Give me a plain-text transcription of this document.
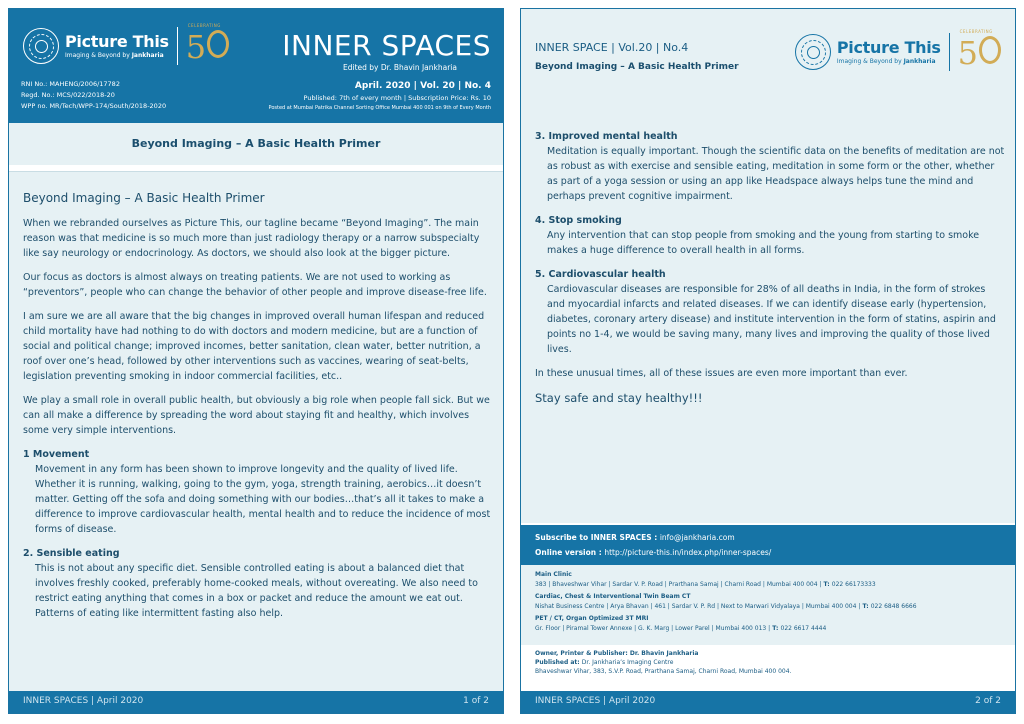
Picture This
Imaging & Beyond by Jankharia
CELEBRATING
5	INNER SPACES
Edited by Dr. Bhavin Jankharia
RNI No.: MAHENG/2006/17782
Regd. No.: MCS/022/2018-20
WPP no. MR/Tech/WPP-174/South/2018-2020
April. 2020 | Vol. 20 | No. 4
Published: 7th of every month | Subscription Price: Rs. 10
Posted at Mumbai Patrika Channel Sorting Office Mumbai 400 001 on 9th of Every Month
Beyond Imaging – A Basic Health Primer
Beyond Imaging – A Basic Health Primer

When we rebranded ourselves as Picture This, our tagline became “Beyond Imaging”. The main reason was that medicine is so much more than just radiology therapy or a narrow subspecialty like say neurology or endocrinology. As doctors, we should also look at the bigger picture.

Our focus as doctors is almost always on treating patients. We are not used to working as “preventors”, people who can change the behavior of other people and improve disease-free life.

I am sure we are all aware that the big changes in improved overall human lifespan and reduced child mortality have had nothing to do with doctors and modern medicine, but are a function of social and political change; improved incomes, better sanitation, clean water, better nutrition, a roof over one’s head, followed by other interventions such as vaccines, wearing of seat-belts, legislation preventing smoking in indoor commercial facilities, etc..

We play a small role in overall public health, but obviously a big role when people fall sick. But we can all make a difference by spreading the word about staying fit and healthy, which involves some very simple interventions.

1 Movement
Movement in any form has been shown to improve longevity and the quality of lived life. Whether it is running, walking, going to the gym, yoga, strength training, aerobics…it doesn’t matter. Getting off the sofa and doing something with our bodies…that’s all it takes to make a difference to improve cardiovascular health, mental health and to reduce the incidence of most forms of disease.
2. Sensible eating
This is not about any specific diet. Sensible controlled eating is about a balanced diet that involves freshly cooked, preferably home-cooked meals, without overeating. We also need to restrict eating anything that comes in a box or packet and reduce the amount we eat out. Patterns of eating like intermittent fasting also help.
INNER SPACES | April 2020	1 of 2
INNER SPACE | Vol.20 | No.4
Beyond Imaging – A Basic Health Primer
Picture This
Imaging & Beyond by Jankharia
CELEBRATING
5
3. Improved mental health
Meditation is equally important. Though the scientific data on the benefits of meditation are not as robust as with exercise and sensible eating, meditation in some form or the other, whether as part of a yoga session or using an app like Headspace always helps tune the mind and perhaps prevent cognitive impairment.
4. Stop smoking
Any intervention that can stop people from smoking and the young from starting to smoke makes a huge difference to overall health in all forms.
5. Cardiovascular health
Cardiovascular diseases are responsible for 28% of all deaths in India, in the form of strokes and myocardial infarcts and related diseases. If we can identify disease early (hypertension, diabetes, coronary artery disease) and institute intervention in the form of statins, aspirin and points no 1-4, we would be saving many, many lives and improving the quality of those lived lives.

In these unusual times, all of these issues are even more important than ever.

Stay safe and stay healthy!!!

Subscribe to INNER SPACES : info@jankharia.com
Online version : http://picture-this.in/index.php/inner-spaces/
Main Clinic
383 | Bhaveshwar Vihar | Sardar V. P. Road | Prarthana Samaj | Charni Road | Mumbai 400 004 | T: 022 66173333
Cardiac, Chest & Interventional Twin Beam CT
Nishat Business Centre | Arya Bhavan | 461 | Sardar V. P. Rd | Next to Marwari Vidyalaya | Mumbai 400 004 | T: 022 6848 6666
PET / CT, Organ Optimized 3T MRI
Gr. Floor | Piramal Tower Annexe | G. K. Marg | Lower Parel | Mumbai 400 013 | T: 022 6617 4444
Owner, Printer & Publisher: Dr. Bhavin Jankharia
Published at: Dr. Jankharia’s Imaging Centre
Bhaveshwar Vihar, 383, S.V.P. Road, Prarthana Samaj, Charni Road, Mumbai 400 004.
INNER SPACES | April 2020	2 of 2
